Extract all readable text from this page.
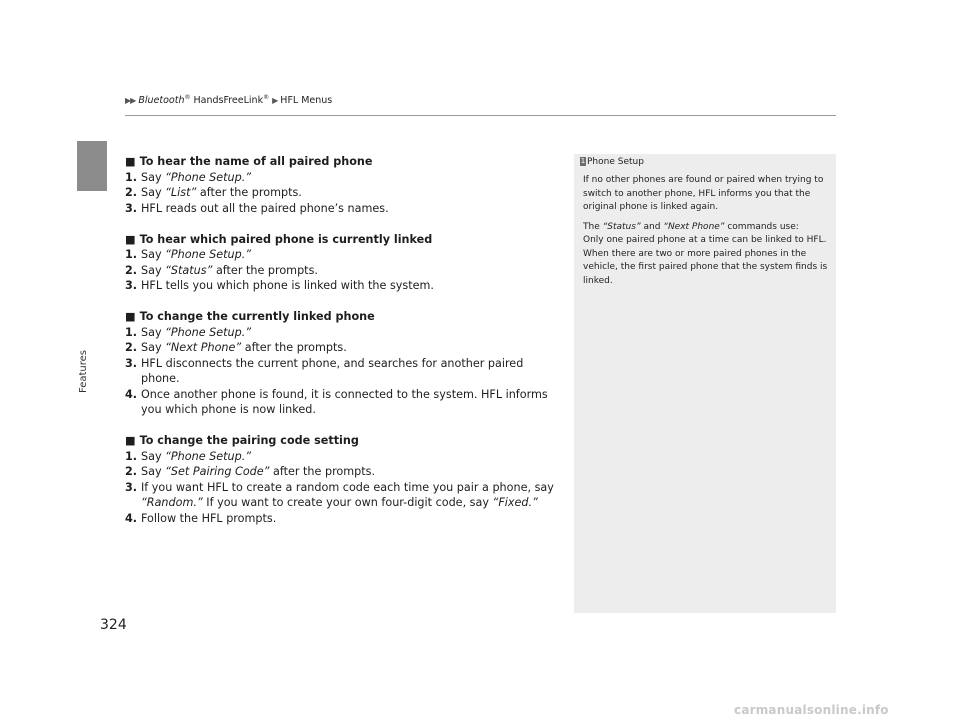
▶▶ Bluetooth® HandsFreeLink® ▶ HFL Menus
Features
■ To hear the name of all paired phone
1. Say “Phone Setup.”
2. Say “List” after the prompts.
3. HFL reads out all the paired phone’s names.
■ To hear which paired phone is currently linked
1. Say “Phone Setup.”
2. Say “Status” after the prompts.
3. HFL tells you which phone is linked with the system.
■ To change the currently linked phone
1. Say “Phone Setup.”
2. Say “Next Phone” after the prompts.
3. HFL disconnects the current phone, and searches for another paired phone.
4. Once another phone is found, it is connected to the system. HFL informs you which phone is now linked.
■ To change the pairing code setting
1. Say “Phone Setup.”
2. Say “Set Pairing Code” after the prompts.
3. If you want HFL to create a random code each time you pair a phone, say “Random.” If you want to create your own four-digit code, say “Fixed.”
4. Follow the HFL prompts.
1 Phone Setup

If no other phones are found or paired when trying to switch to another phone, HFL informs you that the original phone is linked again.

The “Status” and “Next Phone” commands use:

Only one paired phone at a time can be linked to HFL. When there are two or more paired phones in the vehicle, the first paired phone that the system finds is linked.

324
carmanualsonline.info
